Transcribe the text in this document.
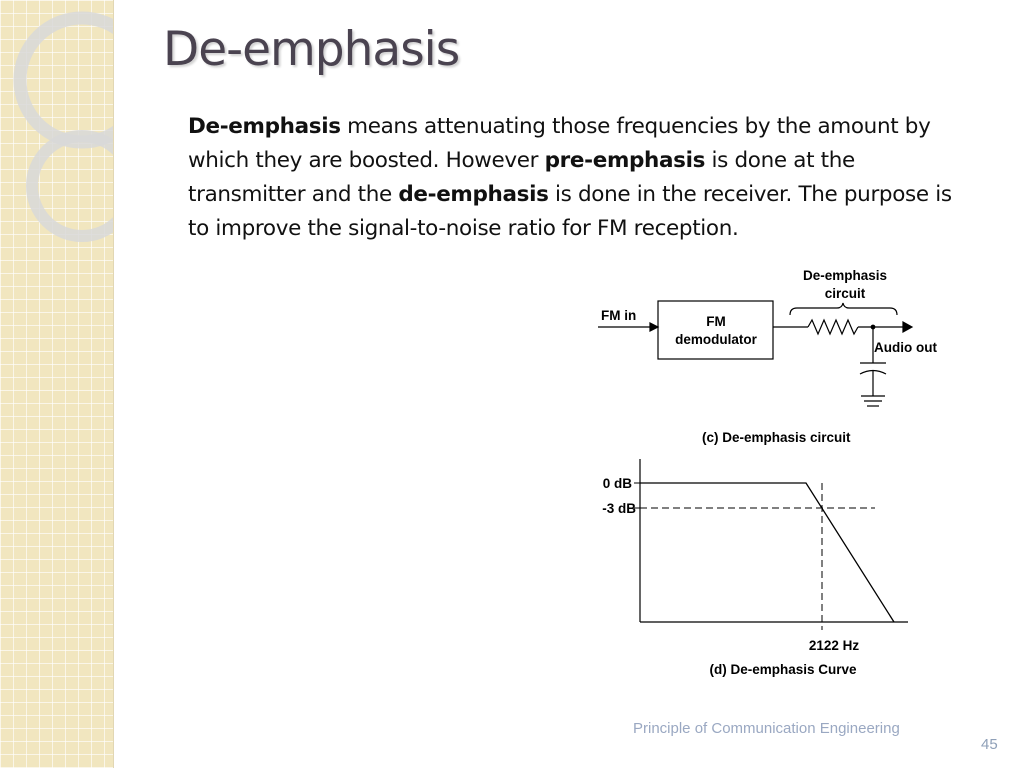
De-emphasis

De-emphasis means attenuating those frequencies by the amount by which they are boosted. However pre-emphasis is done at the transmitter and the de-emphasis is done in the receiver. The purpose is to improve the signal-to-noise ratio for FM reception.

FM in	FM
demodulator
De-emphasis
circuit
Audio out
(c) De-emphasis circuit
0 dB
-3 dB
2122 Hz
(d) De-emphasis Curve
Principle of Communication Engineering
45
